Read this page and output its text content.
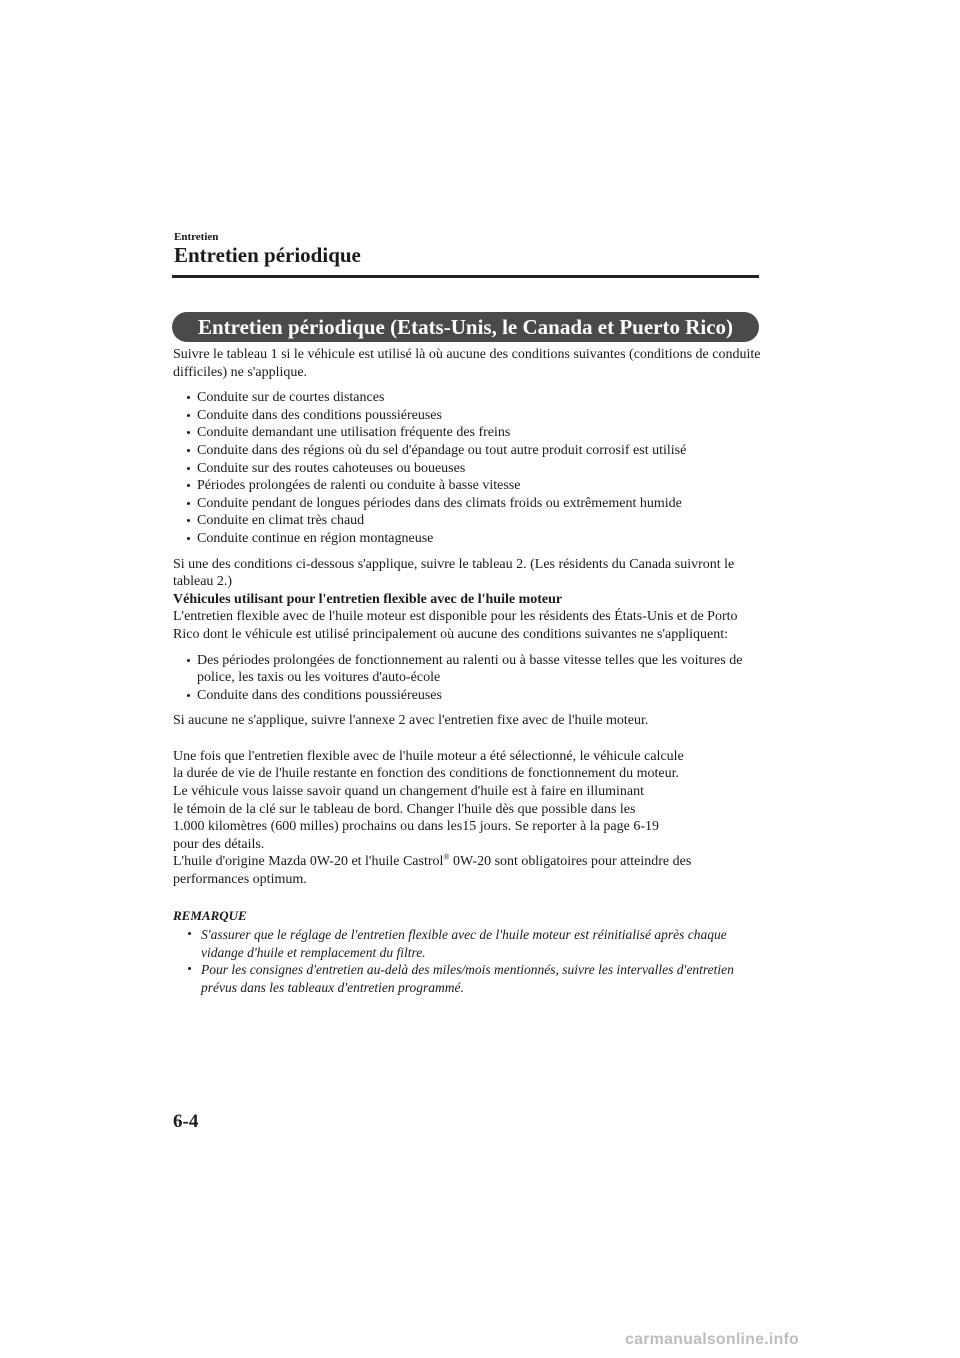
Entretien
Entretien périodique
Entretien périodique (Etats-Unis, le Canada et Puerto Rico)

Suivre le tableau 1 si le véhicule est utilisé là où aucune des conditions suivantes (conditions de conduite difficiles) ne s'applique.

Conduite sur de courtes distances
Conduite dans des conditions poussiéreuses
Conduite demandant une utilisation fréquente des freins
Conduite dans des régions où du sel d'épandage ou tout autre produit corrosif est utilisé
Conduite sur des routes cahoteuses ou boueuses
Périodes prolongées de ralenti ou conduite à basse vitesse
Conduite pendant de longues périodes dans des climats froids ou extrêmement humide
Conduite en climat très chaud
Conduite continue en région montagneuse

Si une des conditions ci-dessous s'applique, suivre le tableau 2. (Les résidents du Canada suivront le tableau 2.)

Véhicules utilisant pour l'entretien flexible avec de l'huile moteur

L'entretien flexible avec de l'huile moteur est disponible pour les résidents des États-Unis et de Porto Rico dont le véhicule est utilisé principalement où aucune des conditions suivantes ne s'appliquent:

Des périodes prolongées de fonctionnement au ralenti ou à basse vitesse telles que les voitures de police, les taxis ou les voitures d'auto-école
Conduite dans des conditions poussiéreuses

Si aucune ne s'applique, suivre l'annexe 2 avec l'entretien fixe avec de l'huile moteur.

Une fois que l'entretien flexible avec de l'huile moteur a été sélectionné, le véhicule calcule
la durée de vie de l'huile restante en fonction des conditions de fonctionnement du moteur.
Le véhicule vous laisse savoir quand un changement d'huile est à faire en illuminant
le témoin de la clé sur le tableau de bord. Changer l'huile dès que possible dans les
1.000 kilomètres (600 milles) prochains ou dans les15 jours. Se reporter à la page 6-19
pour des détails.
L'huile d'origine Mazda 0W-20 et l'huile Castrol® 0W-20 sont obligatoires pour atteindre des performances optimum.

REMARQUE

S'assurer que le réglage de l'entretien flexible avec de l'huile moteur est réinitialisé après chaque vidange d'huile et remplacement du filtre.
Pour les consignes d'entretien au-delà des miles/mois mentionnés, suivre les intervalles d'entretien prévus dans les tableaux d'entretien programmé.
6-4
carmanualsonline.info
